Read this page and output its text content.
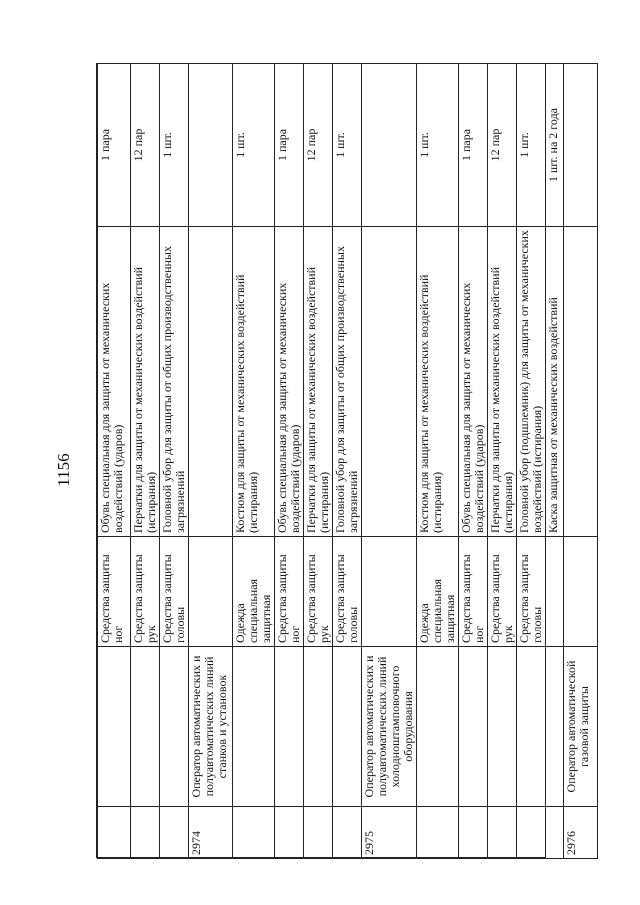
1156
		Средства защиты ног	Обувь специальная для защиты от механических воздействий (ударов)	1 пара
		Средства защиты рук	Перчатки для защиты от механических воздействий (истирания)	12 пар
		Средства защиты головы	Головной убор для защиты от общих производственных загрязнений	1 шт.
2974	Оператор автоматических и полуавтоматических линий станков и установок			
		Одежда специальная защитная	Костюм для защиты от механических воздействий (истирания)	1 шт.
		Средства защиты ног	Обувь специальная для защиты от механических воздействий (ударов)	1 пара
		Средства защиты рук	Перчатки для защиты от механических воздействий (истирания)	12 пар
		Средства защиты головы	Головной убор для защиты от общих производственных загрязнений	1 шт.
2975	Оператор автоматических и полуавтоматических линий холодноштамповочного оборудования			
		Одежда специальная защитная	Костюм для защиты от механических воздействий (истирания)	1 шт.
		Средства защиты ног	Обувь специальная для защиты от механических воздействий (ударов)	1 пара
		Средства защиты рук	Перчатки для защиты от механических воздействий (истирания)	12 пар
		Средства защиты головы	Головной убор (подшлемник) для защиты от механических воздействий (истирания)	1 шт.
			Каска защитная от механических воздействий	1 шт. на 2 года
2976	Оператор автоматической газовой защиты			
